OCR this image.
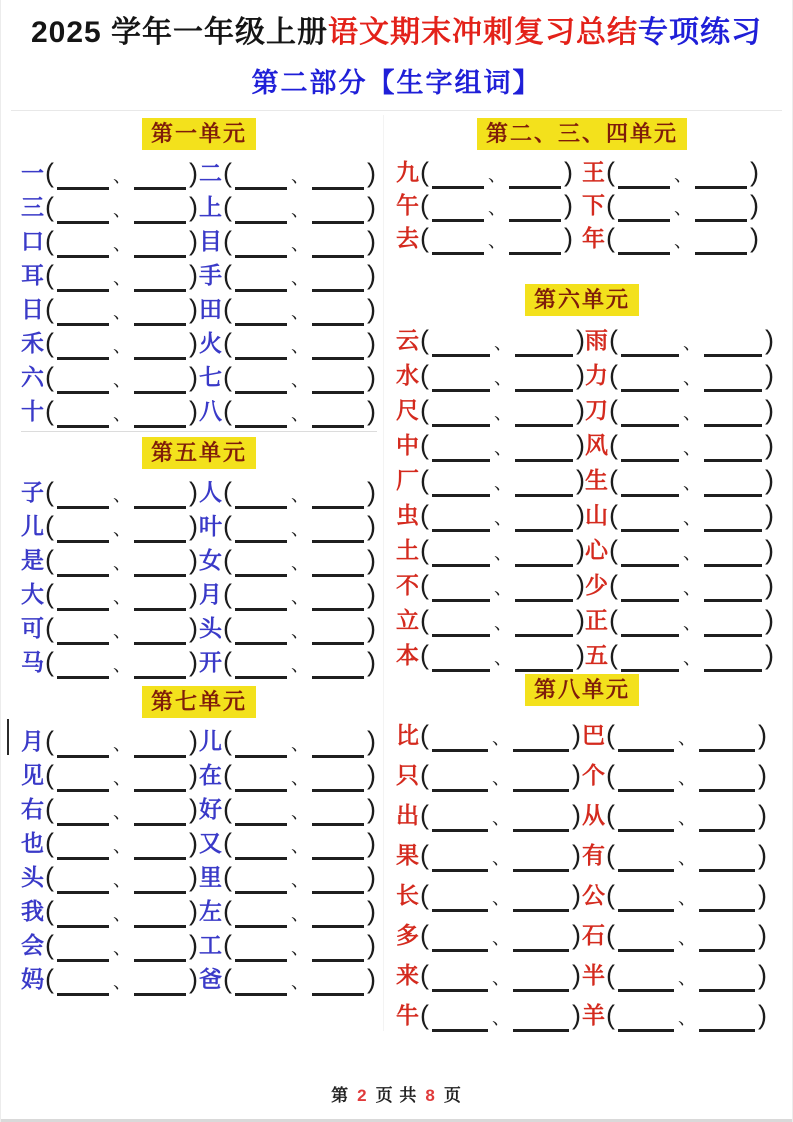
2025 学年一年级上册语文期末冲刺复习总结专项练习
第二部分【生字组词】
第一单元
一 (	、 ) 二 (	、 )
三 (	、 ) 上 (	、 )
口 (	、 ) 目 (	、 )
耳 (	、 ) 手 (	、 )
日 (	、 ) 田 (	、 )
禾 (	、 ) 火 (	、 )
六 (	、 ) 七 (	、 )
十 (	、 ) 八 (	、 )
第五单元
子 (	、 ) 人 (	、 )
儿 (	、 ) 叶 (	、 )
是 (	、 ) 女 (	、 )
大 (	、 ) 月 (	、 )
可 (	、 ) 头 (	、 )
马 (	、 ) 开 (	、 )
第七单元
月 (	、 ) 儿 (	、 )
见 (	、 ) 在 (	、 )
右 (	、 ) 好 (	、 )
也 (	、 ) 又 (	、 )
头 (	、 ) 里 (	、 )
我 (	、 ) 左 (	、 )
会 (	、 ) 工 (	、 )
妈 (	、 ) 爸 (	、 )
第二、三、四单元
九 (	、 ) 王 (	、 )
午 (	、 ) 下 (	、 )
去 (	、 ) 年 (	、 )
第六单元
云 (	、 ) 雨 (	、 )
水 (	、 ) 力 (	、 )
尺 (	、 ) 刀 (	、 )
中 (	、 ) 风 (	、 )
厂 (	、 ) 生 (	、 )
虫 (	、 ) 山 (	、 )
土 (	、 ) 心 (	、 )
不 (	、 ) 少 (	、 )
立 (	、 ) 正 (	、 )
本 (	、 ) 五 (	、 )
第八单元
比 (	、 ) 巴 (	、 )
只 (	、 ) 个 (	、 )
出 (	、 ) 从 (	、 )
果 (	、 ) 有 (	、 )
长 (	、 ) 公 (	、 )
多 (	、 ) 石 (	、 )
来 (	、 ) 半 (	、 )
牛 (	、 ) 羊 (	、 )
第 2 页 共 8 页
